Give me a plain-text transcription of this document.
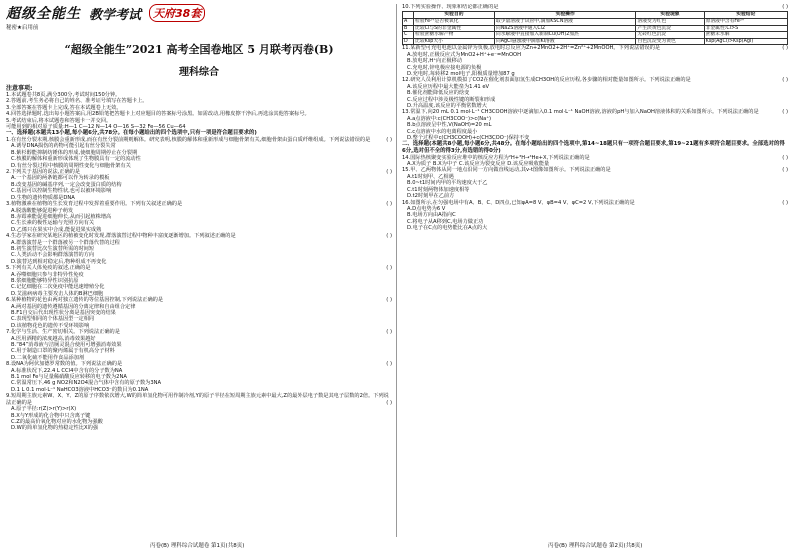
超级全能生 教学考试	天府38套
秘密★启用前
“超级全能生”2021 高考全国卷地区 5 月联考丙卷(B)
理科综合
注意事项:

1.本试题卷共8页,满分300分,考试时间150分钟。

2.答题前,考生务必将自己的姓名、准考证号填写在答题卡上。

3.全部答案在答题卡上完成,答在本试题卷上无效。

4.回答选择题时,选出每小题答案后,用2B铅笔把答题卡上对应题目的答案标号涂黑。如需改动,用橡皮擦干净后,再选涂其他答案标号。

5.考试结束后,将本试题卷和答题卡一并交回。

可能用到的相对原子质量:H—1 C—12 N—14 O—16 S—32 Fe—56 Cu—64

一、选择题(本题共13小题,每小题6分,共78分。在每小题给出的四个选项中,只有一项是符合题目要求的)

1.在有丝分裂末期,核膜会重新形成,而在有丝分裂前期则解体。研究表明,核膜的解体和重新形成与细胞骨架有关,细胞骨架由蛋白质纤维组成。下列说法错误的是	( )

A.诱导DNA损伤的药物可能引起有丝分裂失常

B.紫杉醇能抑制纺锤体的形成,使细胞周期停止在分裂期

C.核膜的解体和重新形成体现了生物膜具有一定的流动性

D.有丝分裂过程中核膜的周期性变化与细胞骨架有关

2.下列关于基因的说法,正确的是	( )

A.一个基因的两条链都可以作为转录的模板

B.改变基因的碱基序列,一定会改变蛋白质的结构

C.基因可以控制生物性状,也可以被环境影响

D.生物的遗传物质都是DNA

3.植物激素在植物的生长发育过程中发挥着重要作用。下列有关叙述正确的是	( )

A.脱落酸能够促进种子萌发

B.赤霉素能促进细胞伸长,从而引起植株增高

C.生长素的极性运输与光照方向有关

D.乙烯只在果实中合成,能促进果实成熟

4.生态学家在研究某地区的植被变化时发现,群落演替过程中物种丰富度逐渐增加。下列叙述正确的是	( )

A.群落演替是一个群落被另一个群落代替的过程

B.初生演替比次生演替所需的时间短

C.人类活动不会影响群落演替的方向

D.演替达到相对稳定后,物种组成不再变化

5.下列有关人体免疫的叙述,正确的是	( )

A.吞噬细胞只参与非特异性免疫

B.浆细胞能够特异性识别抗原

C.记忆细胞在二次免疫中能迅速增殖分化

D.艾滋病病毒主要攻击人体的B淋巴细胞

6.某种植物的花色由两对独立遗传的等位基因控制,下列说法正确的是	( )

A.两对基因的遗传遵循基因的分离定律和自由组合定律

B.F1自交后代出现性状分离是基因突变的结果

C.表现型相同的个体基因型一定相同

D.该植物花色的遗传不受环境影响

7.化学与生活、生产密切相关。下列说法正确的是	( )

A.医用酒精的浓度越高,消毒效果越好

B.“84”消毒液与洁厕灵混合使用可增强消毒效果

C.用于制造口罩的聚丙烯属于有机高分子材料

D.二氧化硫不能用作食品添加剂

8.设NA为阿伏加德罗常数的值。下列说法正确的是	( )

A.标准状况下,22.4 L CCl4中含有的分子数为NA

B.1 mol Fe与足量稀硝酸反应转移的电子数为2NA

C.常温常压下,46 g NO2和N2O4混合气体中含有的原子数为3NA

D.1 L 0.1 mol·L⁻¹ NaHCO3溶液中HCO3⁻的数目为0.1NA

9.短周期主族元素W、X、Y、Z的原子序数依次增大,W的简单氢化物可用作制冷剂,Y的原子半径在短周期主族元素中最大,Z的最外层电子数是其电子层数的2倍。下列说法正确的是	( )

A.原子半径:r(Z)>r(Y)>r(X)

B.X与Y形成的化合物中只含离子键

C.Z的最高价氧化物对应的水化物为强酸

D.W的简单氢化物的热稳定性比X的强

10.下列实验操作、现象和结论都正确的是	( )

	实验目的	实验操作	实验现象	实验结论
A	检验Fe²⁺是否被氧化	取少量溶液于试管中,滴加KSCN溶液	溶液变为红色	原溶液中含有Fe³⁺
B	比较Cl与S的非金属性	向Na2S溶液中通入Cl2	产生淡黄色沉淀	非金属性:Cl>S
C	检验蔗糖水解产物	向水解液中直接加入新制Cu(OH)2加热	无砖红色沉淀	蔗糖未水解
D	比较Ksp大小	向AgCl悬浊液中滴加KI溶液	白色沉淀变为黄色	Ksp(AgCl)>Ksp(AgI)

11.某新型可充电电池以金属锌为负极,放电时总反应为Zn+2MnO2+2H⁺=Zn²⁺+2MnOOH。下列说法错误的是	( )

A.放电时,正极反应式为MnO2+H⁺+e⁻=MnOOH

B.放电时,H⁺向正极移动

C.充电时,锌电极应接电源的负极

D.充电时,每转移2 mol电子,阳极质量增加87 g

12.研究人员利用计算机模拟了CO2在催化剂表面加氢生成CH3OH的反应历程,各步骤的相对能量如图所示。下列说法正确的是	( )

A.该反应历程中最大能垒为1.41 eV

B.催化剂能降低反应的焓变

C.反应过程中涉及极性键的断裂和形成

D.升高温度,该反应的平衡常数增大

13.常温下,向20 mL 0.1 mol·L⁻¹ CH3COOH溶液中逐滴加入0.1 mol·L⁻¹ NaOH溶液,溶液的pH与加入NaOH溶液体积的关系如图所示。下列说法正确的是	( )

A.a点溶液中:c(CH3COO⁻)>c(Na⁺)

B.b点溶液呈中性,V(NaOH)=20 mL

C.c点溶液中水的电离程度最小

D.整个过程中c(CH3COOH)+c(CH3COO⁻)保持不变

二、选择题(本题共8小题,每小题6分,共48分。在每小题给出的四个选项中,第14~18题只有一项符合题目要求,第19~21题有多项符合题目要求。全部选对的得6分,选对但不全的得3分,有选错的得0分)

14.国际热核聚变实验反应堆中的核反应方程为²H+³H→⁴He+X,下列说法正确的是	( )

A.X为质子 B.X为中子 C.该反应为裂变反应 D.该反应吸收能量

15.甲、乙两物体从同一地点沿同一方向做直线运动,其v-t图像如图所示。下列说法正确的是	( )

A.t1时刻甲、乙相遇

B.0~t1时间内甲的平均速度大于乙

C.t1时刻两物体加速度相等

D.t2时刻甲在乙前方

16.如图所示,在匀强电场中有A、B、C、D四点,已知φA=8 V、φB=4 V、φC=2 V,下列说法正确的是	( )

A.D点电势为6 V

B.电场方向由A指向C

C.将电子从A移到C,电场力做正功

D.电子在C点的电势能比在A点的大

丙卷(B) 理科综合试题卷 第1页(共8页)	丙卷(B) 理科综合试题卷 第2页(共8页)
